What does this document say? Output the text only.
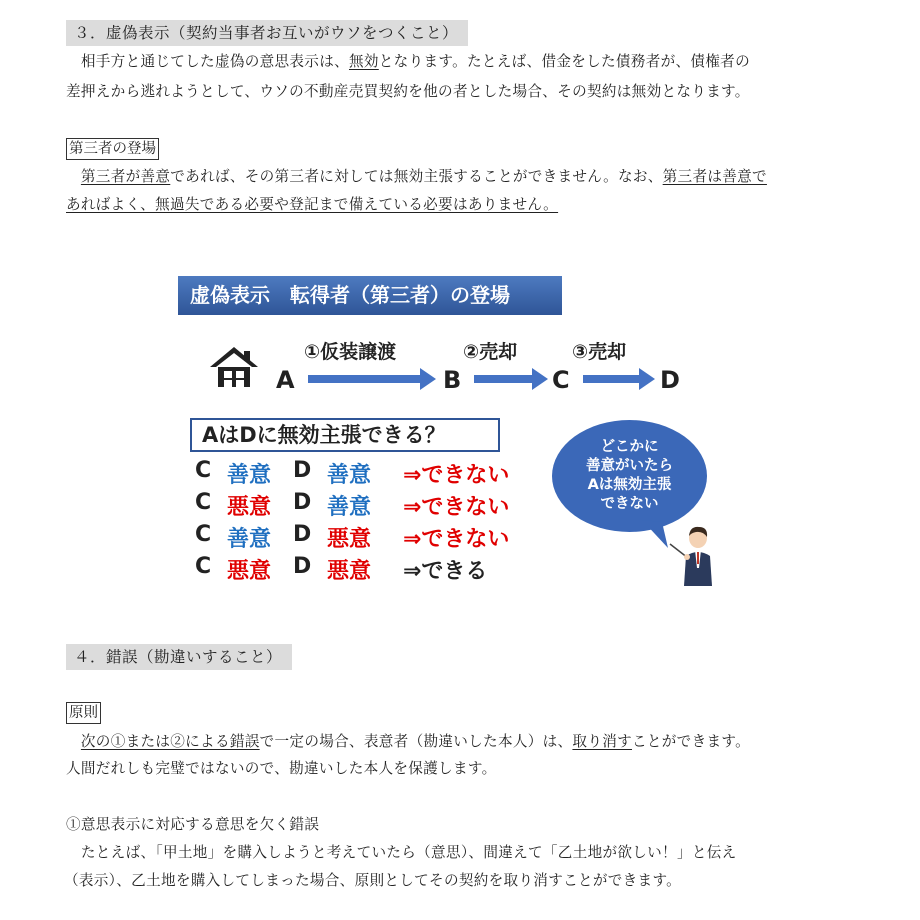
３．虚偽表示（契約当事者お互いがウソをつくこと）
　相手方と通じてした虚偽の意思表示は、無効となります。たとえば、借金をした債務者が、債権者の
差押えから逃れようとして、ウソの不動産売買契約を他の者とした場合、その契約は無効となります。
第三者の登場
　第三者が善意であれば、その第三者に対しては無効主張することができません。なお、第三者は善意で
あればよく、無過失である必要や登記まで備えている必要はありません。
虚偽表示　転得者（第三者）の登場
A	B	C	D
①仮装譲渡	②売却	③売却
AはDに無効主張できる？
C 善意 D 善意 ⇒できない
C 悪意 D 善意 ⇒できない
C 善意 D 悪意 ⇒できない
C 悪意 D 悪意 ⇒できる
どこかに
善意がいたら
Aは無効主張
できない
４．錯誤（勘違いすること）
原則
　次の①または②による錯誤で一定の場合、表意者（勘違いした本人）は、取り消すことができます。
人間だれしも完璧ではないので、勘違いした本人を保護します。
①意思表示に対応する意思を欠く錯誤
　たとえば、「甲土地」を購入しようと考えていたら（意思）、間違えて「乙土地が欲しい！」と伝え
（表示）、乙土地を購入してしまった場合、原則としてその契約を取り消すことができます。
